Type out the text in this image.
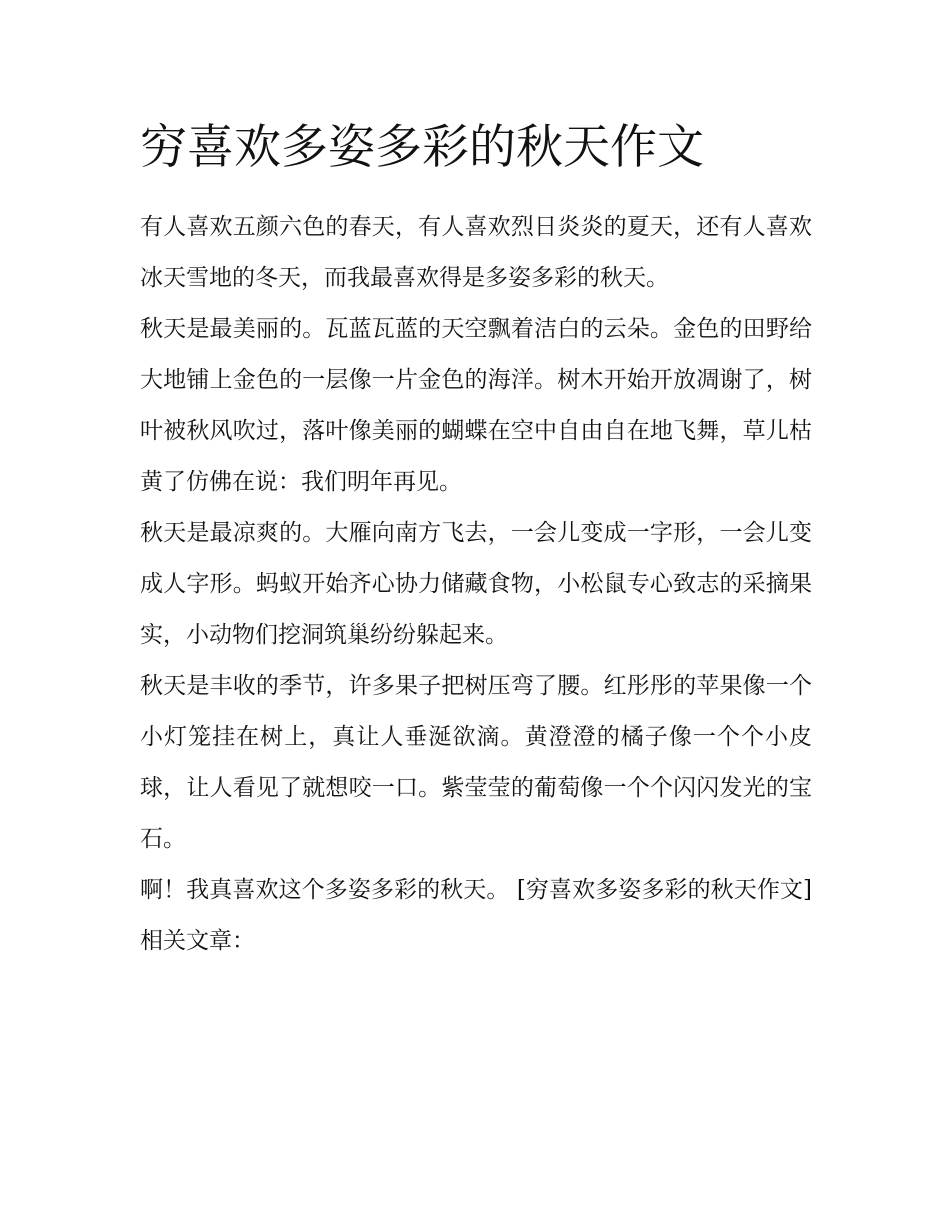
穷喜欢多姿多彩的秋天作文

有人喜欢五颜六色的春天，有人喜欢烈日炎炎的夏天，还有人喜欢冰天雪地的冬天，而我最喜欢得是多姿多彩的秋天。

秋天是最美丽的。瓦蓝瓦蓝的天空飘着洁白的云朵。金色的田野给大地铺上金色的一层像一片金色的海洋。树木开始开放凋谢了，树叶被秋风吹过，落叶像美丽的蝴蝶在空中自由自在地飞舞，草儿枯黄了仿佛在说：我们明年再见。

秋天是最凉爽的。大雁向南方飞去，一会儿变成一字形，一会儿变成人字形。蚂蚁开始齐心协力储藏食物，小松鼠专心致志的采摘果实，小动物们挖洞筑巢纷纷躲起来。

秋天是丰收的季节，许多果子把树压弯了腰。红彤彤的苹果像一个小灯笼挂在树上，真让人垂涎欲滴。黄澄澄的橘子像一个个小皮球，让人看见了就想咬一口。紫莹莹的葡萄像一个个闪闪发光的宝石。

啊！我真喜欢这个多姿多彩的秋天。 [穷喜欢多姿多彩的秋天作文]相关文章：
